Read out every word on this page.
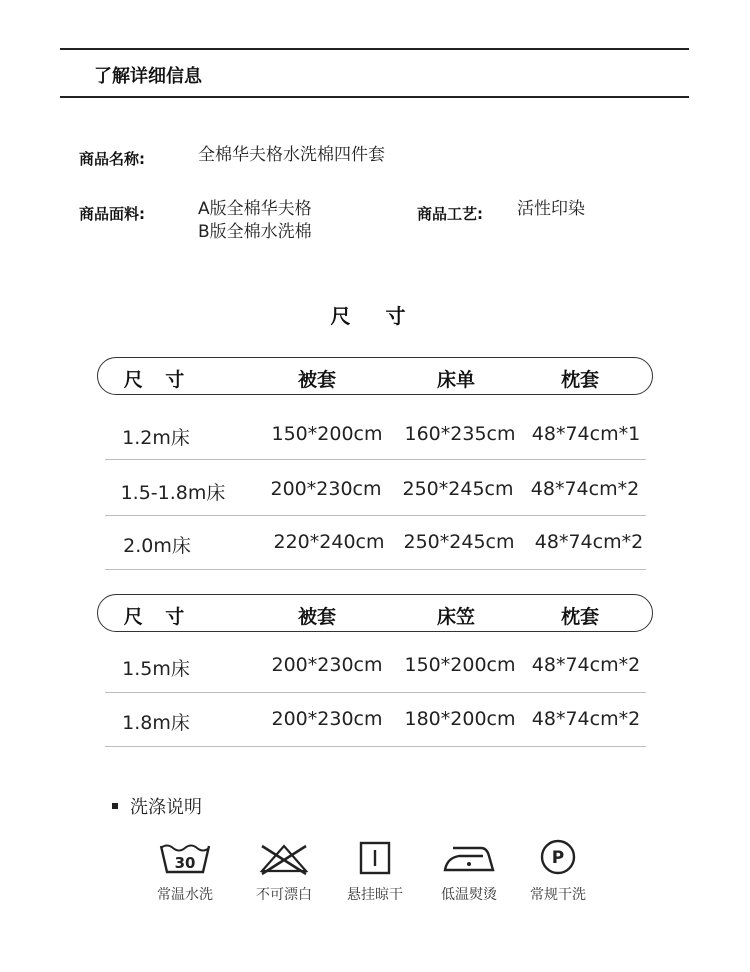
了解详细信息
商品名称:	全棉华夫格水洗棉四件套
商品面料:	A版全棉华夫格
B版全棉水洗棉
商品工艺: 活性印染
尺 寸
尺 寸	被套	床单	枕套
1.2m床	150*200cm 160*235cm 48*74cm*1
1.5-1.8m床 200*230cm 250*245cm 48*74cm*2
2.0m床	220*240cm 250*245cm 48*74cm*2
尺 寸	被套	床笠	枕套
1.5m床	200*230cm 150*200cm 48*74cm*2
1.8m床	200*230cm 180*200cm 48*74cm*2
洗涤说明
30
常温水洗	不可漂白	悬挂晾干	低温熨烫
P
常规干洗
